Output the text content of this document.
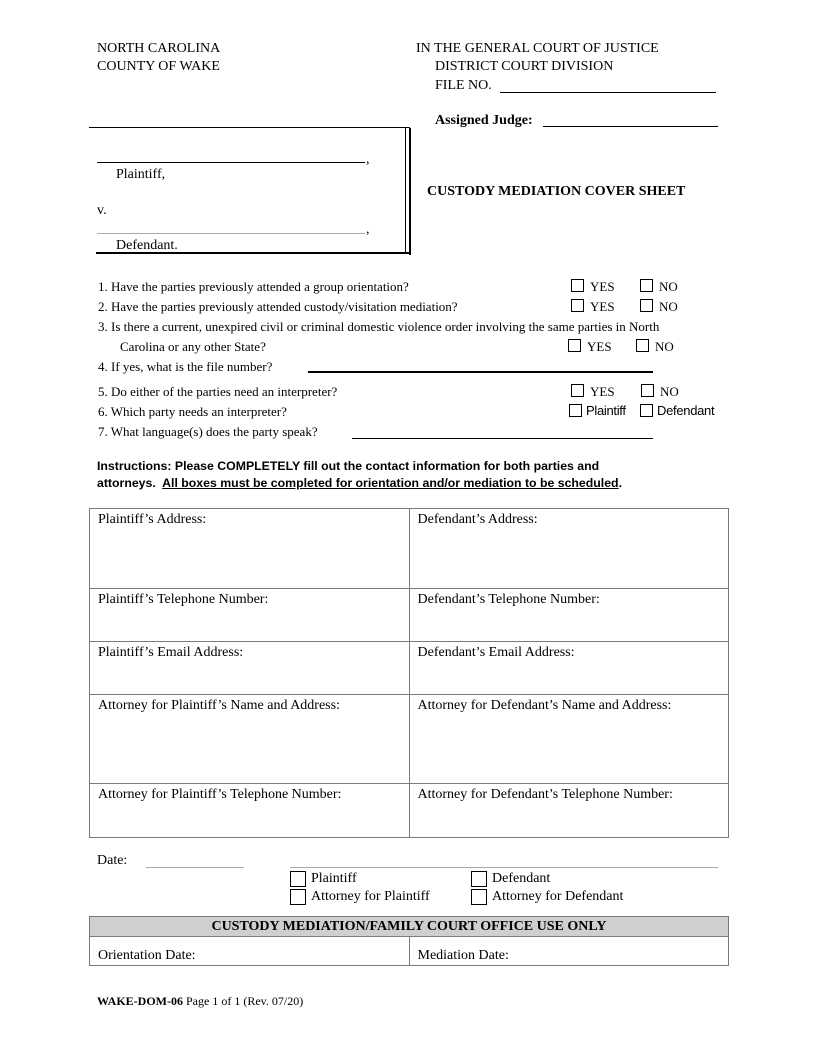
NORTH CAROLINA
COUNTY OF WAKE
IN THE GENERAL COURT OF JUSTICE
DISTRICT COURT DIVISION
FILE NO.
Assigned Judge:
,
Plaintiff,
v.
,
Defendant.
CUSTODY MEDIATION COVER SHEET
1. Have the parties previously attended a group orientation?	YES	NO
2. Have the parties previously attended custody/visitation mediation?	YES	NO
3. Is there a current, unexpired civil or criminal domestic violence order involving the same parties in North
Carolina or any other State?	YES	NO
4. If yes, what is the file number?
5. Do either of the parties need an interpreter?	YES	NO
6. Which party needs an interpreter?	Plaintiff Defendant
7. What language(s) does the party speak?
Instructions: Please COMPLETELY fill out the contact information for both parties and
attorneys.  All boxes must be completed for orientation and/or mediation to be scheduled.
Plaintiff’s Address:	Defendant’s Address:
Plaintiff’s Telephone Number:	Defendant’s Telephone Number:
Plaintiff’s Email Address:	Defendant’s Email Address:
Attorney for Plaintiff’s Name and Address:	Attorney for Defendant’s Name and Address:
Attorney for Plaintiff’s Telephone Number:	Attorney for Defendant’s Telephone Number:
Date:
Plaintiff	Defendant
Attorney for Plaintiff	Attorney for Defendant
CUSTODY MEDIATION/FAMILY COURT OFFICE USE ONLY
Orientation Date:	Mediation Date:
WAKE-DOM-06 Page 1 of 1 (Rev. 07/20)
